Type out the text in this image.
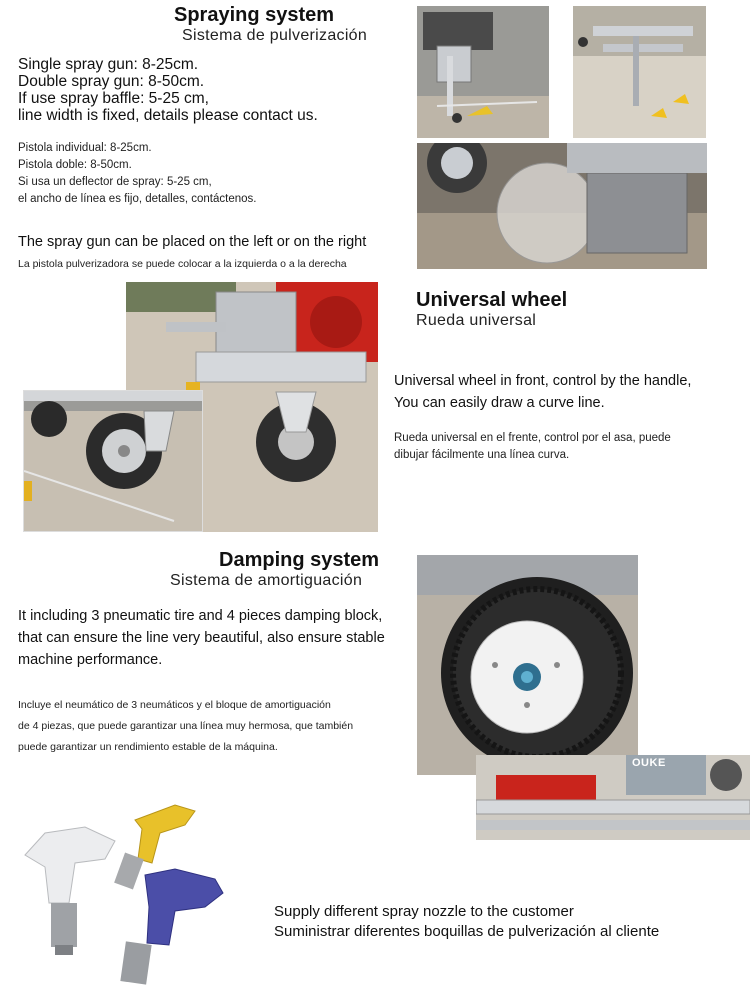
Spraying system
Sistema de pulverización
Single spray gun: 8-25cm.
Double spray gun: 8-50cm.
If use spray baffle: 5-25 cm,
line width is fixed, details please contact us.
Pistola individual: 8-25cm.
Pistola doble: 8-50cm.
Si usa un deflector de spray: 5-25 cm,
el ancho de línea es fijo, detalles, contáctenos.
The spray gun can be placed on the left or on the right
La pistola pulverizadora se puede colocar a la izquierda o a la derecha
Universal wheel
Rueda universal
Universal wheel in front, control by the handle,
You can easily draw a curve line.
Rueda universal en el frente, control por el asa, puede
dibujar fácilmente una línea curva.
Damping system
Sistema de amortiguación
It including 3 pneumatic tire and 4 pieces damping block,
that can ensure the line very beautiful, also ensure stable
machine performance.
Incluye el neumático de 3 neumáticos y el bloque de amortiguación
de 4 piezas, que puede garantizar una línea muy hermosa, que también
puede garantizar un rendimiento estable de la máquina.
OUKE
Supply different spray nozzle to the customer
Suministrar diferentes boquillas de pulverización al cliente
